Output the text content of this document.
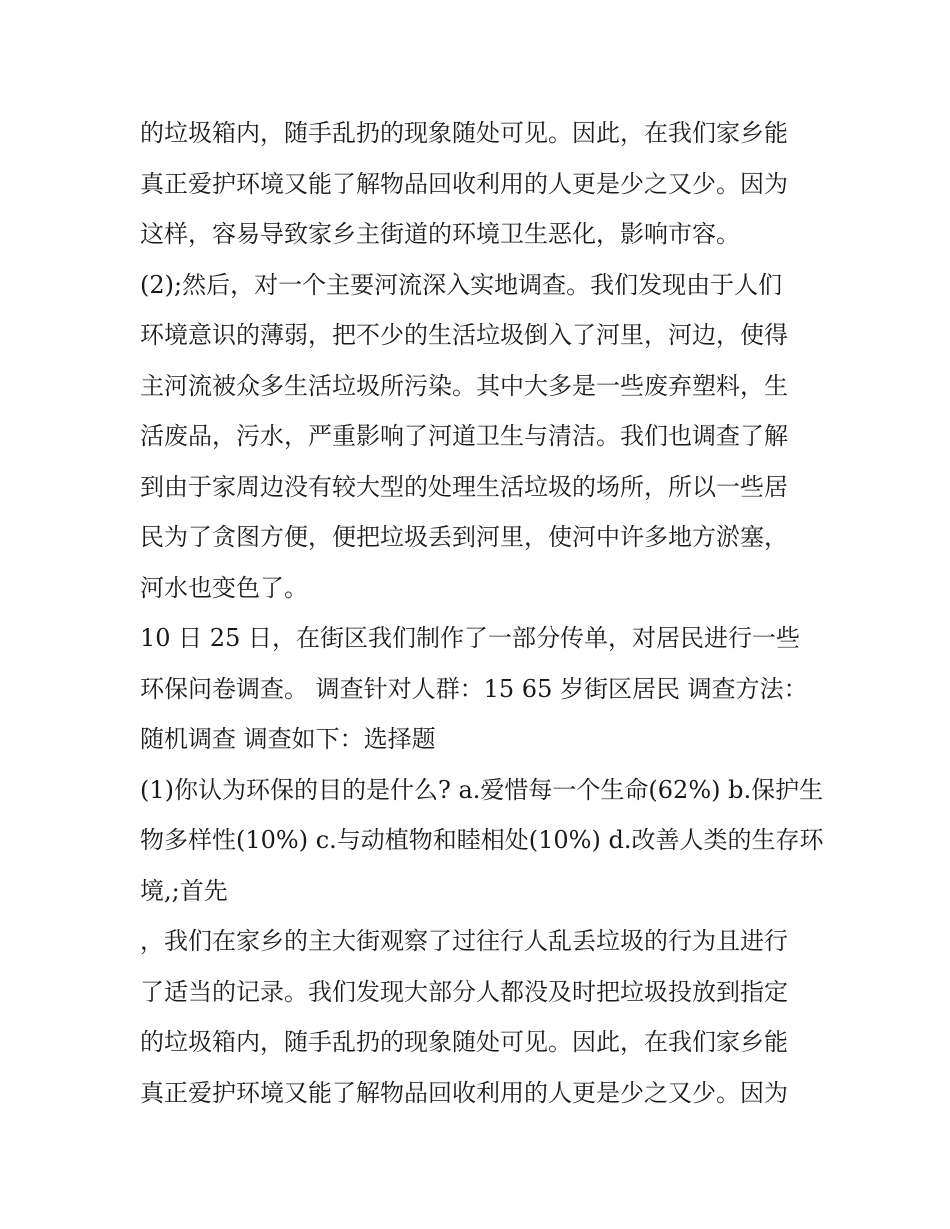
的垃圾箱内，随手乱扔的现象随处可见。因此，在我们家乡能
真正爱护环境又能了解物品回收利用的人更是少之又少。因为
这样，容易导致家乡主街道的环境卫生恶化，影响市容。
(2);然后，对一个主要河流深入实地调查。我们发现由于人们
环境意识的薄弱，把不少的生活垃圾倒入了河里，河边，使得
主河流被众多生活垃圾所污染。其中大多是一些废弃塑料，生
活废品，污水，严重影响了河道卫生与清洁。我们也调查了解
到由于家周边没有较大型的处理生活垃圾的场所，所以一些居
民为了贪图方便，便把垃圾丢到河里，使河中许多地方淤塞，
河水也变色了。
10 日 25 日，在街区我们制作了一部分传单，对居民进行一些
环保问卷调查。 调查针对人群：15 65 岁街区居民 调查方法：
随机调查 调查如下：选择题
(1)你认为环保的目的是什么? a.爱惜每一个生命(62%) b.保护生
物多样性(10%) c.与动植物和睦相处(10%) d.改善人类的生存环
境,;首先
，我们在家乡的主大街观察了过往行人乱丢垃圾的行为且进行
了适当的记录。我们发现大部分人都没及时把垃圾投放到指定
的垃圾箱内，随手乱扔的现象随处可见。因此，在我们家乡能
真正爱护环境又能了解物品回收利用的人更是少之又少。因为
